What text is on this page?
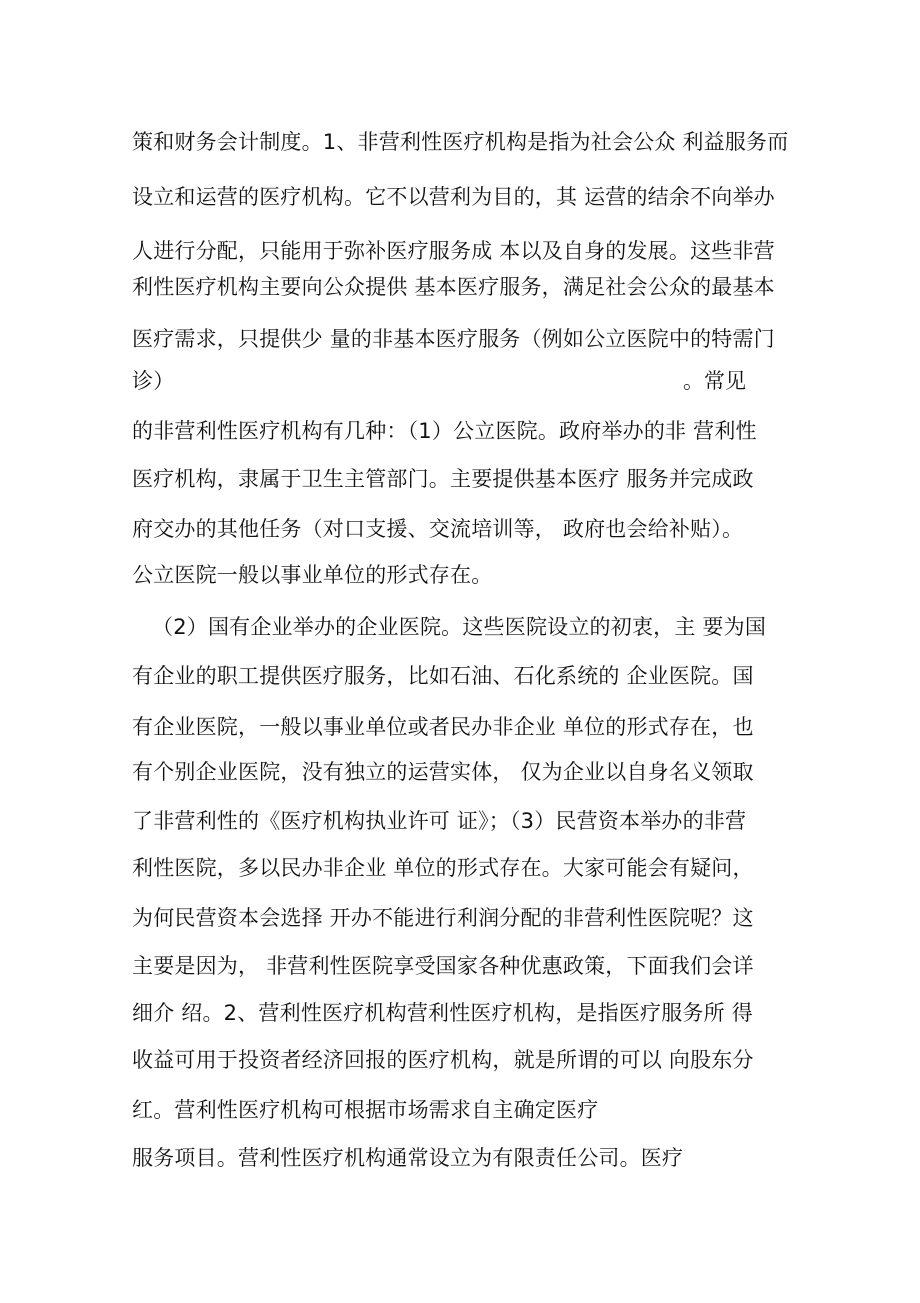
策和财务会计制度。1、非营利性医疗机构是指为社会公众 利益服务而
设立和运营的医疗机构。它不以营利为目的，其 运营的结余不向举办
人进行分配，只能用于弥补医疗服务成 本以及自身的发展。这些非营
利性医疗机构主要向公众提供 基本医疗服务，满足社会公众的最基本
医疗需求，只提供少 量的非基本医疗服务（例如公立医院中的特需门
诊）	。常见
的非营利性医疗机构有几种：（1）公立医院。政府举办的非 营利性
医疗机构，隶属于卫生主管部门。主要提供基本医疗 服务并完成政
府交办的其他任务（对口支援、交流培训等， 政府也会给补贴）。
公立医院一般以事业单位的形式存在。
（2）国有企业举办的企业医院。这些医院设立的初衷，主 要为国
有企业的职工提供医疗服务，比如石油、石化系统的 企业医院。国
有企业医院，一般以事业单位或者民办非企业 单位的形式存在，也
有个别企业医院，没有独立的运营实体， 仅为企业以自身名义领取
了非营利性的《医疗机构执业许可 证》；（3）民营资本举办的非营
利性医院，多以民办非企业 单位的形式存在。大家可能会有疑问，
为何民营资本会选择 开办不能进行利润分配的非营利性医院呢？这
主要是因为， 非营利性医院享受国家各种优惠政策，下面我们会详
细介 绍。2、营利性医疗机构营利性医疗机构，是指医疗服务所 得
收益可用于投资者经济回报的医疗机构，就是所谓的可以 向股东分
红。营利性医疗机构可根据市场需求自主确定医疗
服务项目。营利性医疗机构通常设立为有限责任公司。医疗
